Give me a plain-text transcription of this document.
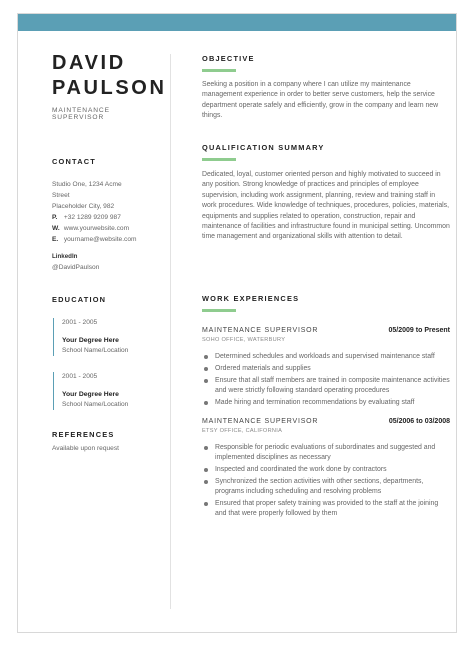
DAVID
PAULSON
MAINTENANCE SUPERVISOR
CONTACT
Studio One, 1234 Acme
Street
Placeholder City, 982
P. +32 1289 9209 987
W. www.yourwebsite.com
E. yourname@website.com
LinkedIn
@DavidPaulson
EDUCATION
2001 - 2005
Your Degree Here
School Name/Location
2001 - 2005
Your Degree Here
School Name/Location
REFERENCES
Available upon request
OBJECTIVE
Seeking a position in a company where I can utilize my maintenance management experience in order to better serve customers, help the service department operate safely and efficiently, grow in the company and learn new things.
QUALIFICATION SUMMARY
Dedicated, loyal, customer oriented person and highly motivated to succeed in any position. Strong knowledge of practices and principles of employee supervision, including work assignment, planning, review and training staff in work procedures. Wide knowledge of techniques, procedures, policies, materials, equipments and supplies related to operation, construction, repair and maintenance of facilities and infrastructure found in municipal setting. Uncommon time management and organizational skills with attention to detail.
WORK EXPERIENCES
MAINTENANCE SUPERVISOR	05/2009 to Present
SOHO OFFICE, WATERBURY
Determined schedules and workloads and supervised maintenance staff
Ordered materials and supplies
Ensure that all staff members are trained in composite maintenance activities and were strictly following standard operating procedures
Made hiring and termination recommendations by evaluating staff
MAINTENANCE SUPERVISOR	05/2006 to 03/2008
ETSY OFFICE, CALIFORNIA
Responsible for periodic evaluations of subordinates and suggested and implemented disciplines as necessary
Inspected and coordinated the work done by contractors
Synchronized the section activities with other sections, departments, programs including scheduling and resolving problems
Ensured that proper safety training was provided to the staff at the joining and that were properly followed by them
